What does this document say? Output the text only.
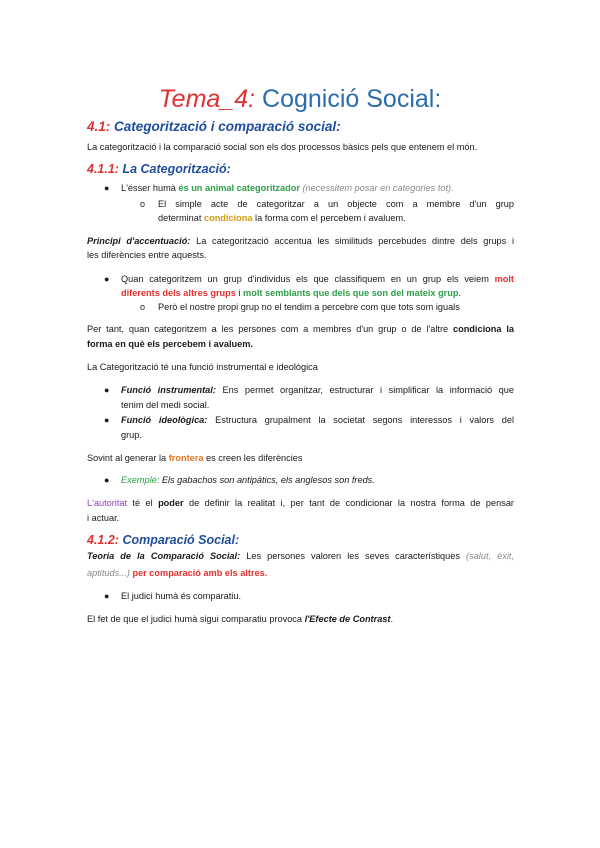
Tema_4: Cognició Social:
4.1: Categorització i comparació social:
La categorització i la comparació social son els dos processos bàsics pels que entenem el món.
4.1.1: La Categorització:
● L'ésser humà és un animal categoritzador (necessitem posar en categories tot).
o El simple acte de categoritzar a un objecte com a membre d'un grup
determinat condiciona la forma com el percebem i avaluem.
Principi d'accentuació: La categorització accentua les similituds percebudes dintre dels grups i
les diferències entre aquests.
● Quan categoritzem un grup d'individus els que classifiquem en un grup els veiem molt
diferents dels altres grups i molt semblants que dels que son del mateix grup.
o Però el nostre propi grup no el tendim a percebre com que tots som iguals
Per tant, quan categoritzem a les persones com a membres d'un grup o de l'altre condiciona la
forma en què els percebem i avaluem.
La Categorització té una funció instrumental e ideològica
● Funció instrumental: Ens permet organitzar, estructurar i simplificar la informació que
tenim del medi social.
● Funció ideològica: Estructura grupalment la societat segons interessos i valors del
grup.
Sovint al generar la frontera es creen les diferències
● Exemple: Els gabachos son antipàtics, els anglesos son freds.
L'autoritat té el poder de definir la realitat i, per tant de condicionar la nostra forma de pensar
i actuar.
4.1.2: Comparació Social:
Teoria de la Comparació Social: Les persones valoren les seves característiques (salut, èxit,
aptituds...) per comparació amb els altres.
● El judici humà és comparatiu.
El fet de que el judici humà sigui comparatiu provoca l'Efecte de Contrast.
